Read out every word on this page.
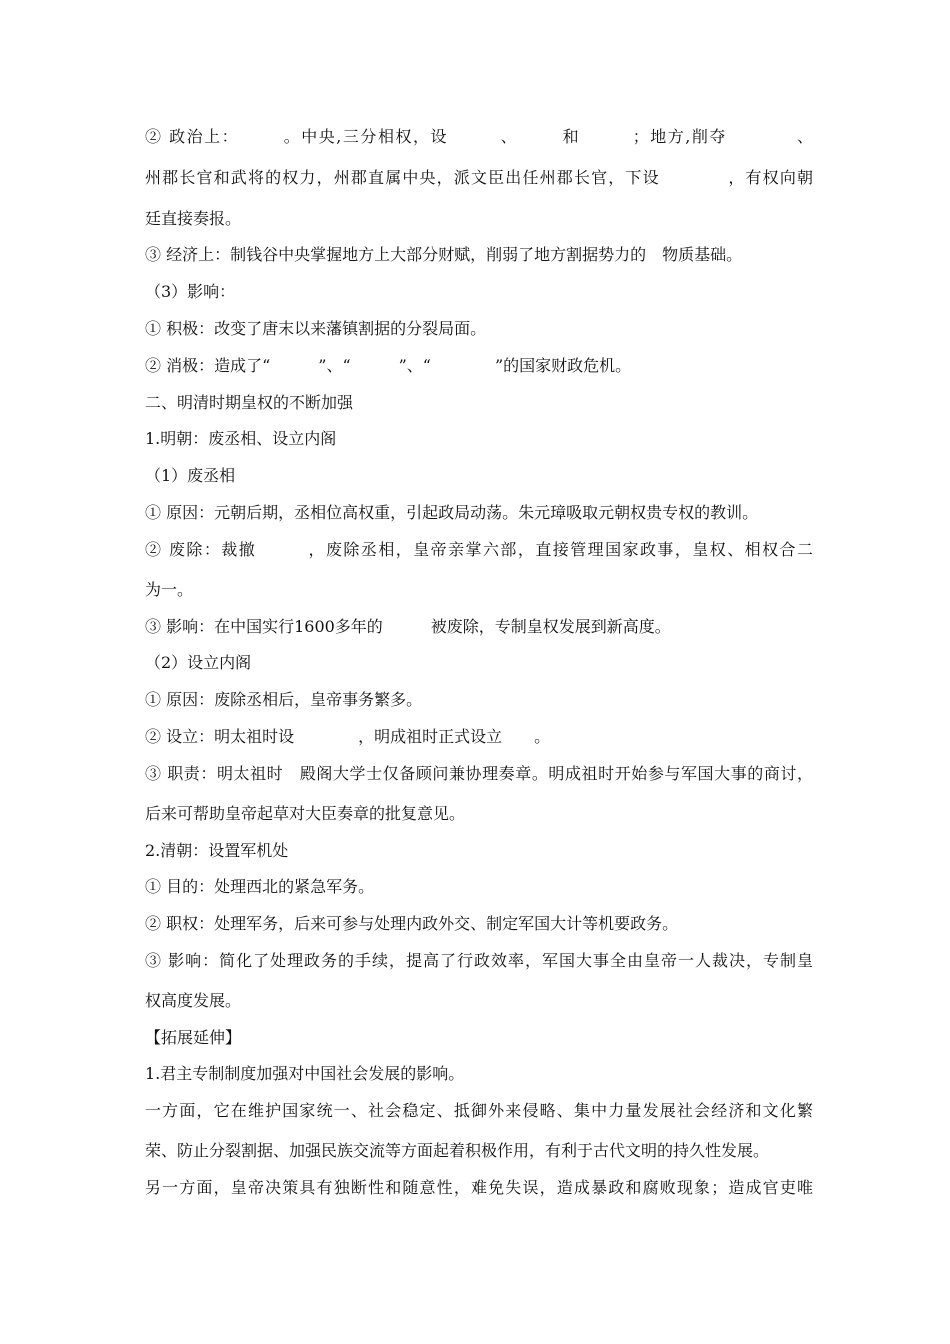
② 政治上：　　　。中央,三分相权，设　　　、　　　和　　　；地方,削夺　　　　、
州郡长官和武将的权力，州郡直属中央，派文臣出任州郡长官，下设　　　　，有权向朝
廷直接奏报。
③ 经济上：制钱谷中央掌握地方上大部分财赋，削弱了地方割据势力的　物质基础。
（3）影响：
① 积极：改变了唐末以来藩镇割据的分裂局面。
② 消极：造成了“　　　”、“　　　”、“　　　　”的国家财政危机。
二、明清时期皇权的不断加强
1.明朝：废丞相、设立内阁
（1）废丞相
① 原因：元朝后期，丞相位高权重，引起政局动荡。朱元璋吸取元朝权贵专权的教训。
② 废除：裁撤　　　，废除丞相，皇帝亲掌六部，直接管理国家政事，皇权、相权合二
为一。
③ 影响：在中国实行1600多年的　　　被废除，专制皇权发展到新高度。
（2）设立内阁
① 原因：废除丞相后，皇帝事务繁多。
② 设立：明太祖时设　　　　，明成祖时正式设立　　。
③ 职责：明太祖时　殿阁大学士仅备顾问兼协理奏章。明成祖时开始参与军国大事的商讨，
后来可帮助皇帝起草对大臣奏章的批复意见。
2.清朝：设置军机处
① 目的：处理西北的紧急军务。
② 职权：处理军务，后来可参与处理内政外交、制定军国大计等机要政务。
③ 影响：简化了处理政务的手续，提高了行政效率，军国大事全由皇帝一人裁决，专制皇
权高度发展。
【拓展延伸】
1.君主专制制度加强对中国社会发展的影响。
一方面，它在维护国家统一、社会稳定、抵御外来侵略、集中力量发展社会经济和文化繁
荣、防止分裂割据、加强民族交流等方面起着积极作用，有利于古代文明的持久性发展。
另一方面，皇帝决策具有独断性和随意性，难免失误，造成暴政和腐败现象；造成官吏唯
